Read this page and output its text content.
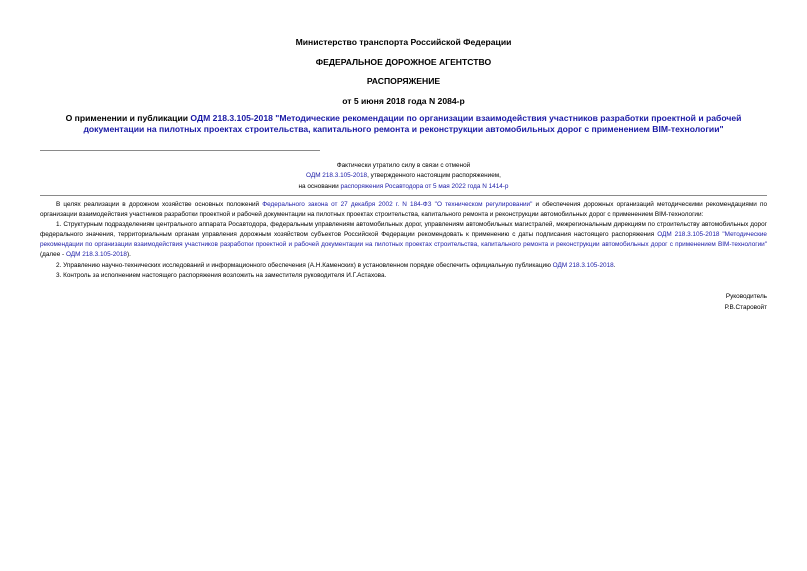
Министерство транспорта Российской Федерации
ФЕДЕРАЛЬНОЕ ДОРОЖНОЕ АГЕНТСТВО
РАСПОРЯЖЕНИЕ
от 5 июня 2018 года N 2084-р
О применении и публикации ОДМ 218.3.105-2018 "Методические рекомендации по организации взаимодействия участников разработки проектной и рабочей документации на пилотных проектах строительства, капитального ремонта и реконструкции автомобильных дорог с применением BIM-технологии"
Фактически утратило силу в связи с отменой
ОДМ 218.3.105-2018, утвержденного настоящим распоряжением,
на основании распоряжения Росавтодора от 5 мая 2022 года N 1414-р

В целях реализации в дорожном хозяйстве основных положений Федерального закона от 27 декабря 2002 г. N 184-ФЗ "О техническом регулировании" и обеспечения дорожных организаций методическими рекомендациями по организации взаимодействия участников разработки проектной и рабочей документации на пилотных проектах строительства, капитального ремонта и реконструкции автомобильных дорог с применением BIM-технологии:

1. Структурным подразделениям центрального аппарата Росавтодора, федеральным управлениям автомобильных дорог, управлениям автомобильных магистралей, межрегиональным дирекциям по строительству автомобильных дорог федерального значения, территориальным органам управления дорожным хозяйством субъектов Российской Федерации рекомендовать к применению с даты подписания настоящего распоряжения ОДМ 218.3.105-2018 "Методические рекомендации по организации взаимодействия участников разработки проектной и рабочей документации на пилотных проектах строительства, капитального ремонта и реконструкции автомобильных дорог с применением BIM-технологии" (далее - ОДМ 218.3.105-2018).

2. Управлению научно-технических исследований и информационного обеспечения (А.Н.Каменских) в установленном порядке обеспечить официальную публикацию ОДМ 218.3.105-2018.

3. Контроль за исполнением настоящего распоряжения возложить на заместителя руководителя И.Г.Астахова.

Руководитель
Р.В.Старовойт
